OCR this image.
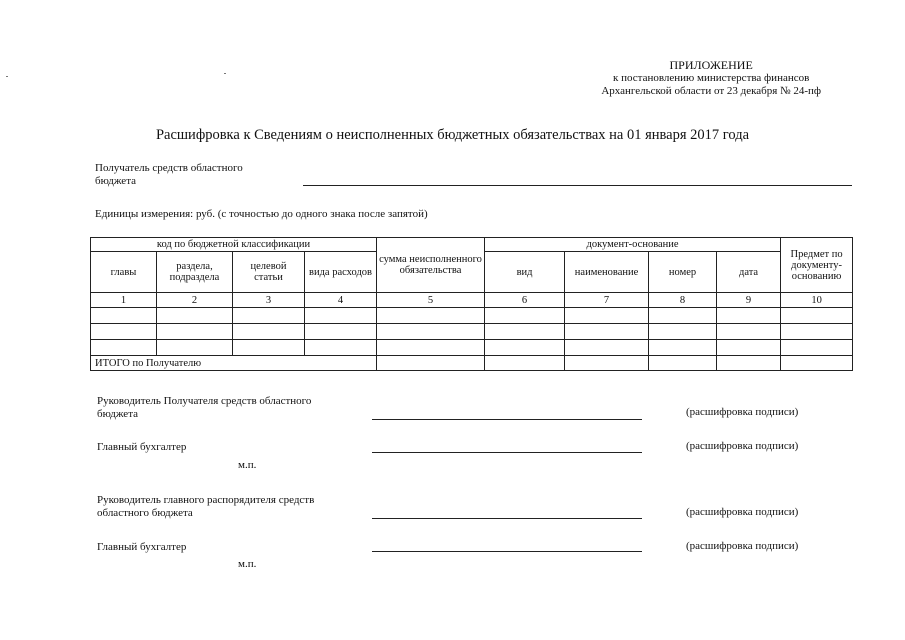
ПРИЛОЖЕНИЕ
к постановлению министерства финансов
Архангельской области от 23 декабря № 24-пф
Расшифровка к Сведениям о неисполненных бюджетных обязательствах на 01 января 2017 года
Получатель средств областного
бюджета
Единицы измерения: руб. (с точностью до одного знака после запятой)
код по бюджетной классификации				сумма неисполненного обязательства	документ-основание				Предмет по документу-основанию
главы	раздела, подраздела	целевой статьи	вида расходов		вид	наименование	номер	дата	
1	2	3	4	5	6	7	8	9	10

ИТОГО по Получателю									
Руководитель Получателя средств областного
бюджета	(расшифровка подписи)
Главный бухгалтер	(расшифровка подписи)
м.п.
Руководитель главного распорядителя средств
областного бюджета	(расшифровка подписи)
Главный бухгалтер	(расшифровка подписи)
м.п.
